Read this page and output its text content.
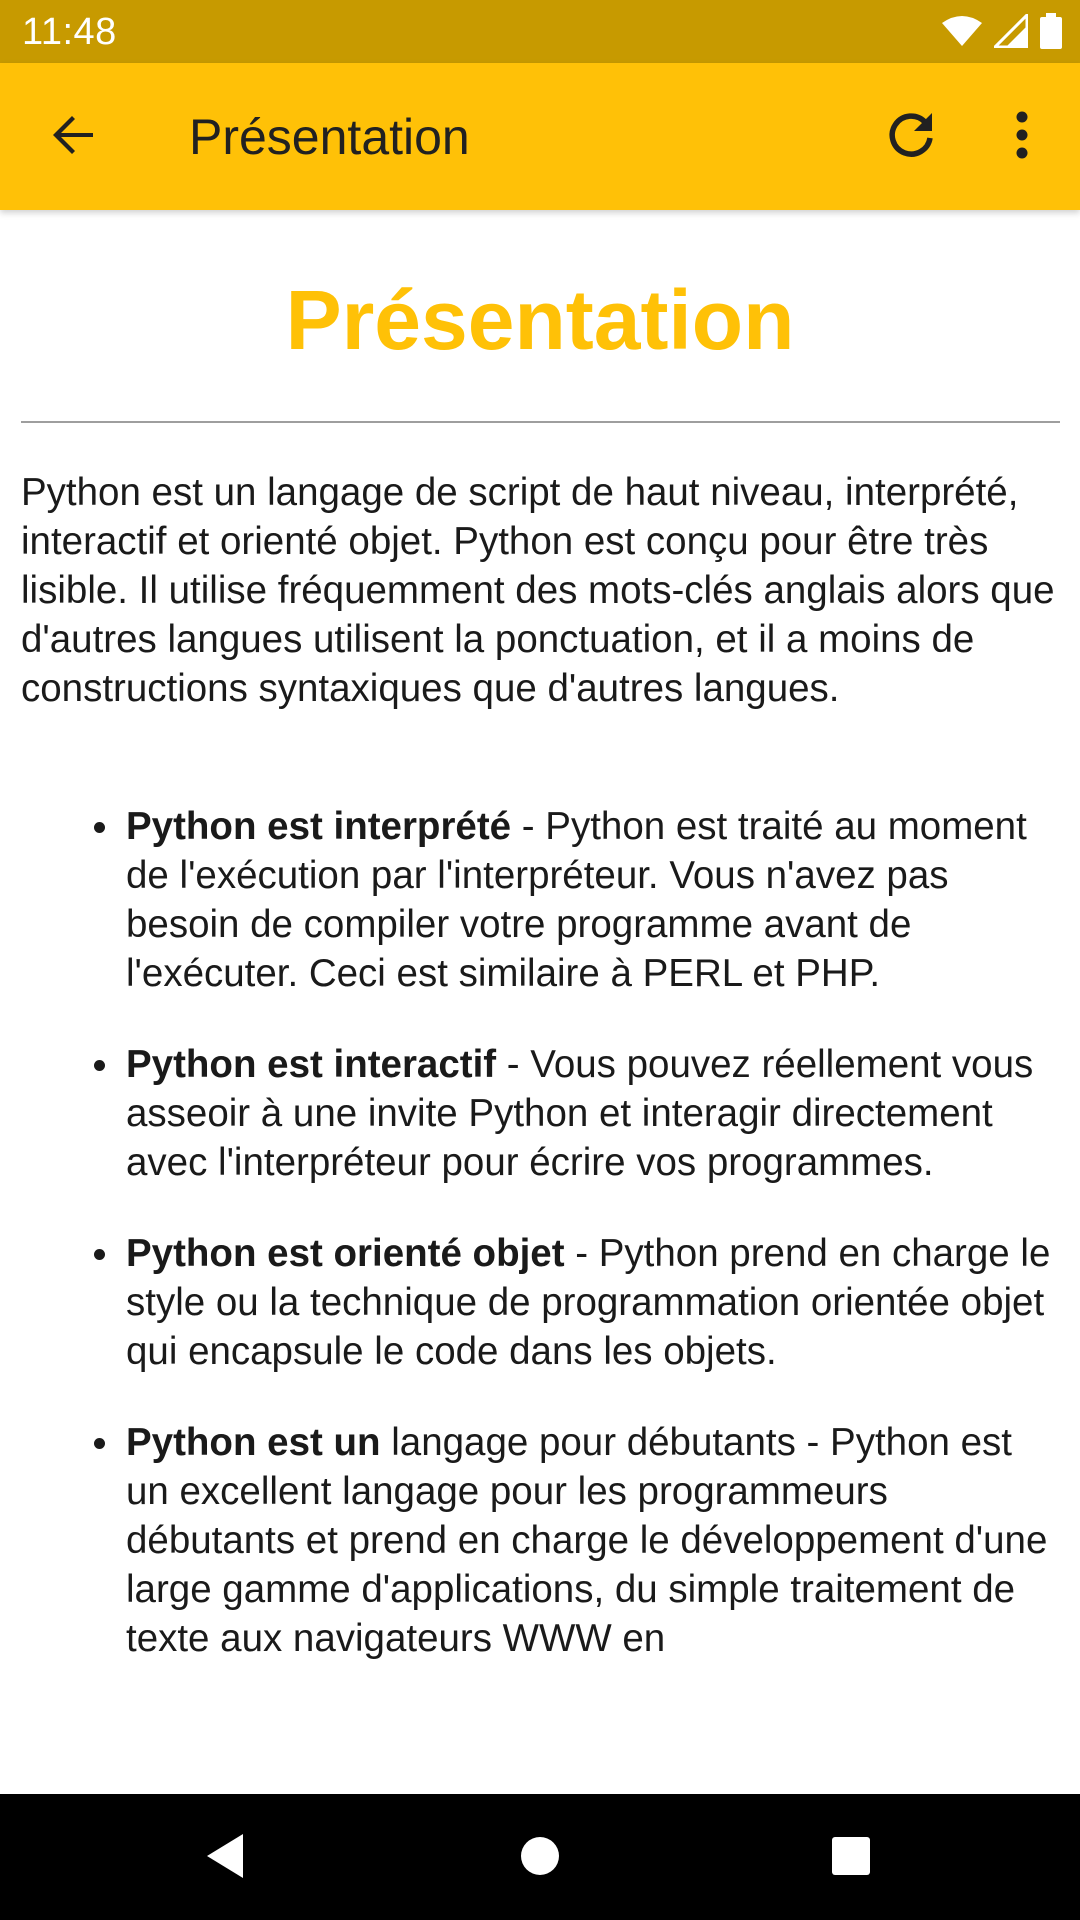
11:48
Présentation
Présentation

Python est un langage de script de haut niveau, interprété, interactif et orienté objet. Python est conçu pour être très lisible. Il utilise fréquemment des mots-clés anglais alors que d'autres langues utilisent la ponctuation, et il a moins de constructions syntaxiques que d'autres langues.

Python est interprété - Python est traité au moment de l'exécution par l'interpréteur. Vous n'avez pas besoin de compiler votre programme avant de l'exécuter. Ceci est similaire à PERL et PHP.
Python est interactif - Vous pouvez réellement vous asseoir à une invite Python et interagir directement avec l'interpréteur pour écrire vos programmes.
Python est orienté objet - Python prend en charge le style ou la technique de programmation orientée objet qui encapsule le code dans les objets.
Python est un langage pour débutants - Python est un excellent langage pour les programmeurs débutants et prend en charge le développement d'une large gamme d'applications, du simple traitement de texte aux navigateurs WWW en
